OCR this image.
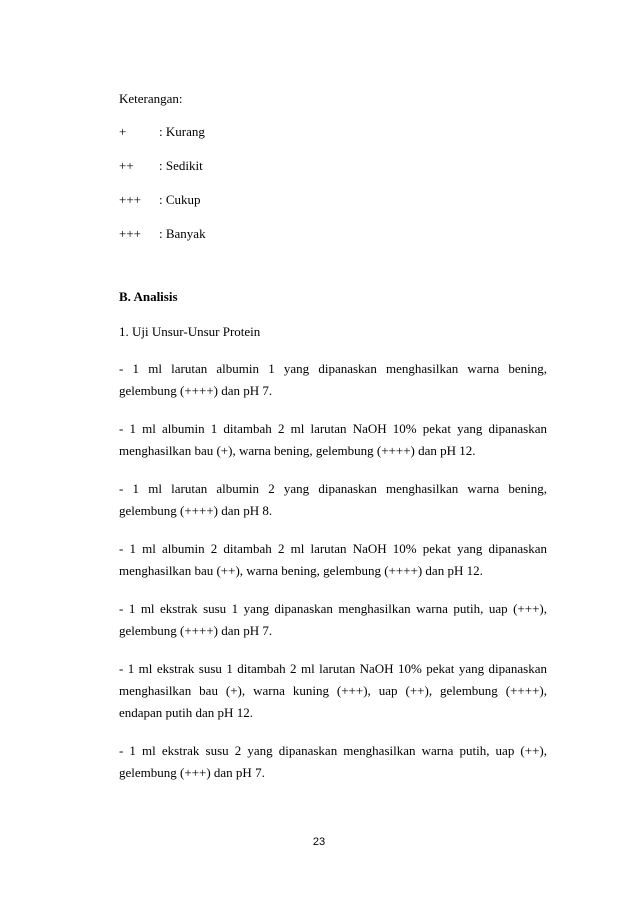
Keterangan:
+	: Kurang
++	: Sedikit
+++	: Cukup
+++	: Banyak
B. Analisis
1. Uji Unsur-Unsur Protein

- 1 ml larutan albumin 1 yang dipanaskan menghasilkan warna bening, gelembung (++++) dan pH 7.

- 1 ml albumin 1 ditambah 2 ml larutan NaOH 10% pekat yang dipanaskan menghasilkan bau (+), warna bening, gelembung (++++) dan pH 12.

- 1 ml larutan albumin 2 yang dipanaskan menghasilkan warna bening, gelembung (++++) dan pH 8.

- 1 ml albumin 2 ditambah 2 ml larutan NaOH 10% pekat yang dipanaskan menghasilkan bau (++), warna bening, gelembung (++++) dan pH 12.

- 1 ml ekstrak susu 1 yang dipanaskan menghasilkan warna putih, uap (+++), gelembung (++++) dan pH 7.

- 1 ml ekstrak susu 1 ditambah 2 ml larutan NaOH 10% pekat yang dipanaskan menghasilkan bau (+), warna kuning (+++), uap (++), gelembung (++++), endapan putih dan pH 12.

- 1 ml ekstrak susu 2 yang dipanaskan menghasilkan warna putih, uap (++), gelembung (+++) dan pH 7.

23
